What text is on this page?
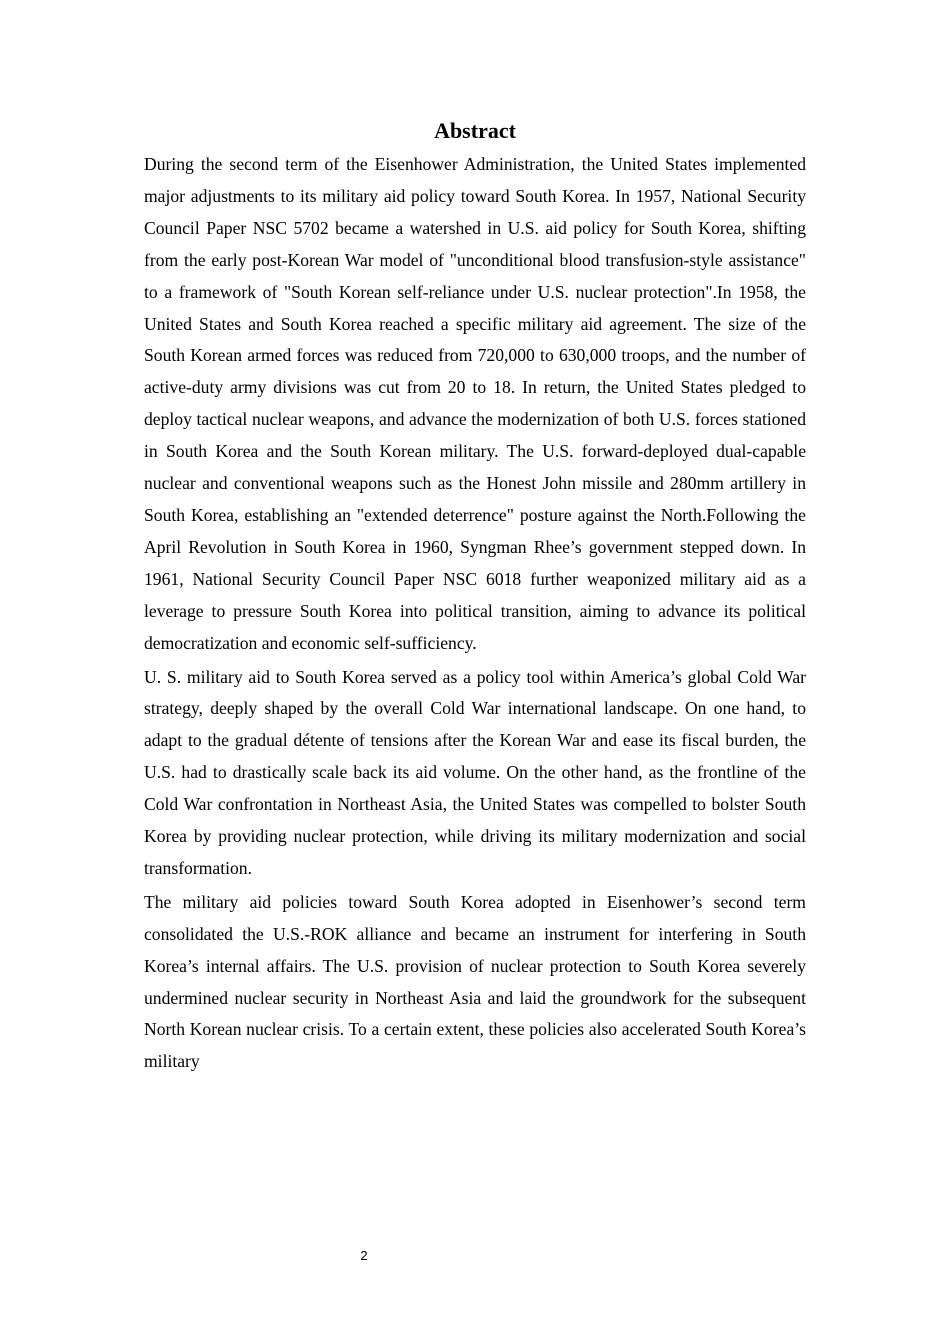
Abstract

During the second term of the Eisenhower Administration, the United States implemented major adjustments to its military aid policy toward South Korea. In 1957, National Security Council Paper NSC 5702 became a watershed in U.S. aid policy for South Korea, shifting from the early post-Korean War model of "unconditional blood transfusion-style assistance" to a framework of "South Korean self-reliance under U.S. nuclear protection".In 1958, the United States and South Korea reached a specific military aid agreement. The size of the South Korean armed forces was reduced from 720,000 to 630,000 troops, and the number of active-duty army divisions was cut from 20 to 18. In return, the United States pledged to deploy tactical nuclear weapons, and advance the modernization of both U.S. forces stationed in South Korea and the South Korean military. The U.S. forward-deployed dual-capable nuclear and conventional weapons such as the Honest John missile and 280mm artillery in South Korea, establishing an "extended deterrence" posture against the North.Following the April Revolution in South Korea in 1960, Syngman Rhee’s government stepped down. In 1961, National Security Council Paper NSC 6018 further weaponized military aid as a leverage to pressure South Korea into political transition, aiming to advance its political democratization and economic self-sufficiency.

U. S. military aid to South Korea served as a policy tool within America’s global Cold War strategy, deeply shaped by the overall Cold War international landscape. On one hand, to adapt to the gradual détente of tensions after the Korean War and ease its fiscal burden, the U.S. had to drastically scale back its aid volume. On the other hand, as the frontline of the Cold War confrontation in Northeast Asia, the United States was compelled to bolster South Korea by providing nuclear protection, while driving its military modernization and social transformation.

The military aid policies toward South Korea adopted in Eisenhower’s second term consolidated the U.S.-ROK alliance and became an instrument for interfering in South Korea’s internal affairs. The U.S. provision of nuclear protection to South Korea severely undermined nuclear security in Northeast Asia and laid the groundwork for the subsequent North Korean nuclear crisis. To a certain extent, these policies also accelerated South Korea’s military

2
